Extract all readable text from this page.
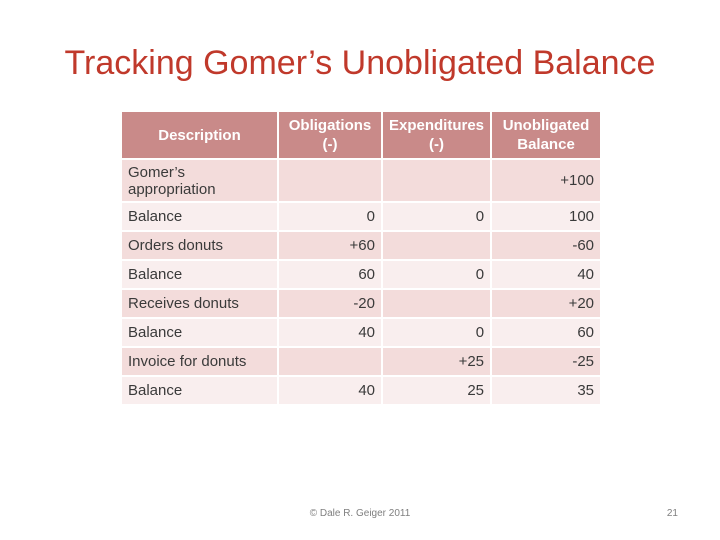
Tracking Gomer’s Unobligated Balance
Description	Obligations (-)	Expenditures (-)	Unobligated Balance
Gomer’s appropriation			+100
Balance	0	0	100
Orders donuts	+60		-60
Balance	60	0	40
Receives donuts	-20		+20
Balance	40	0	60
Invoice for donuts		+25	-25
Balance	40	25	35
© Dale R. Geiger 2011	21
